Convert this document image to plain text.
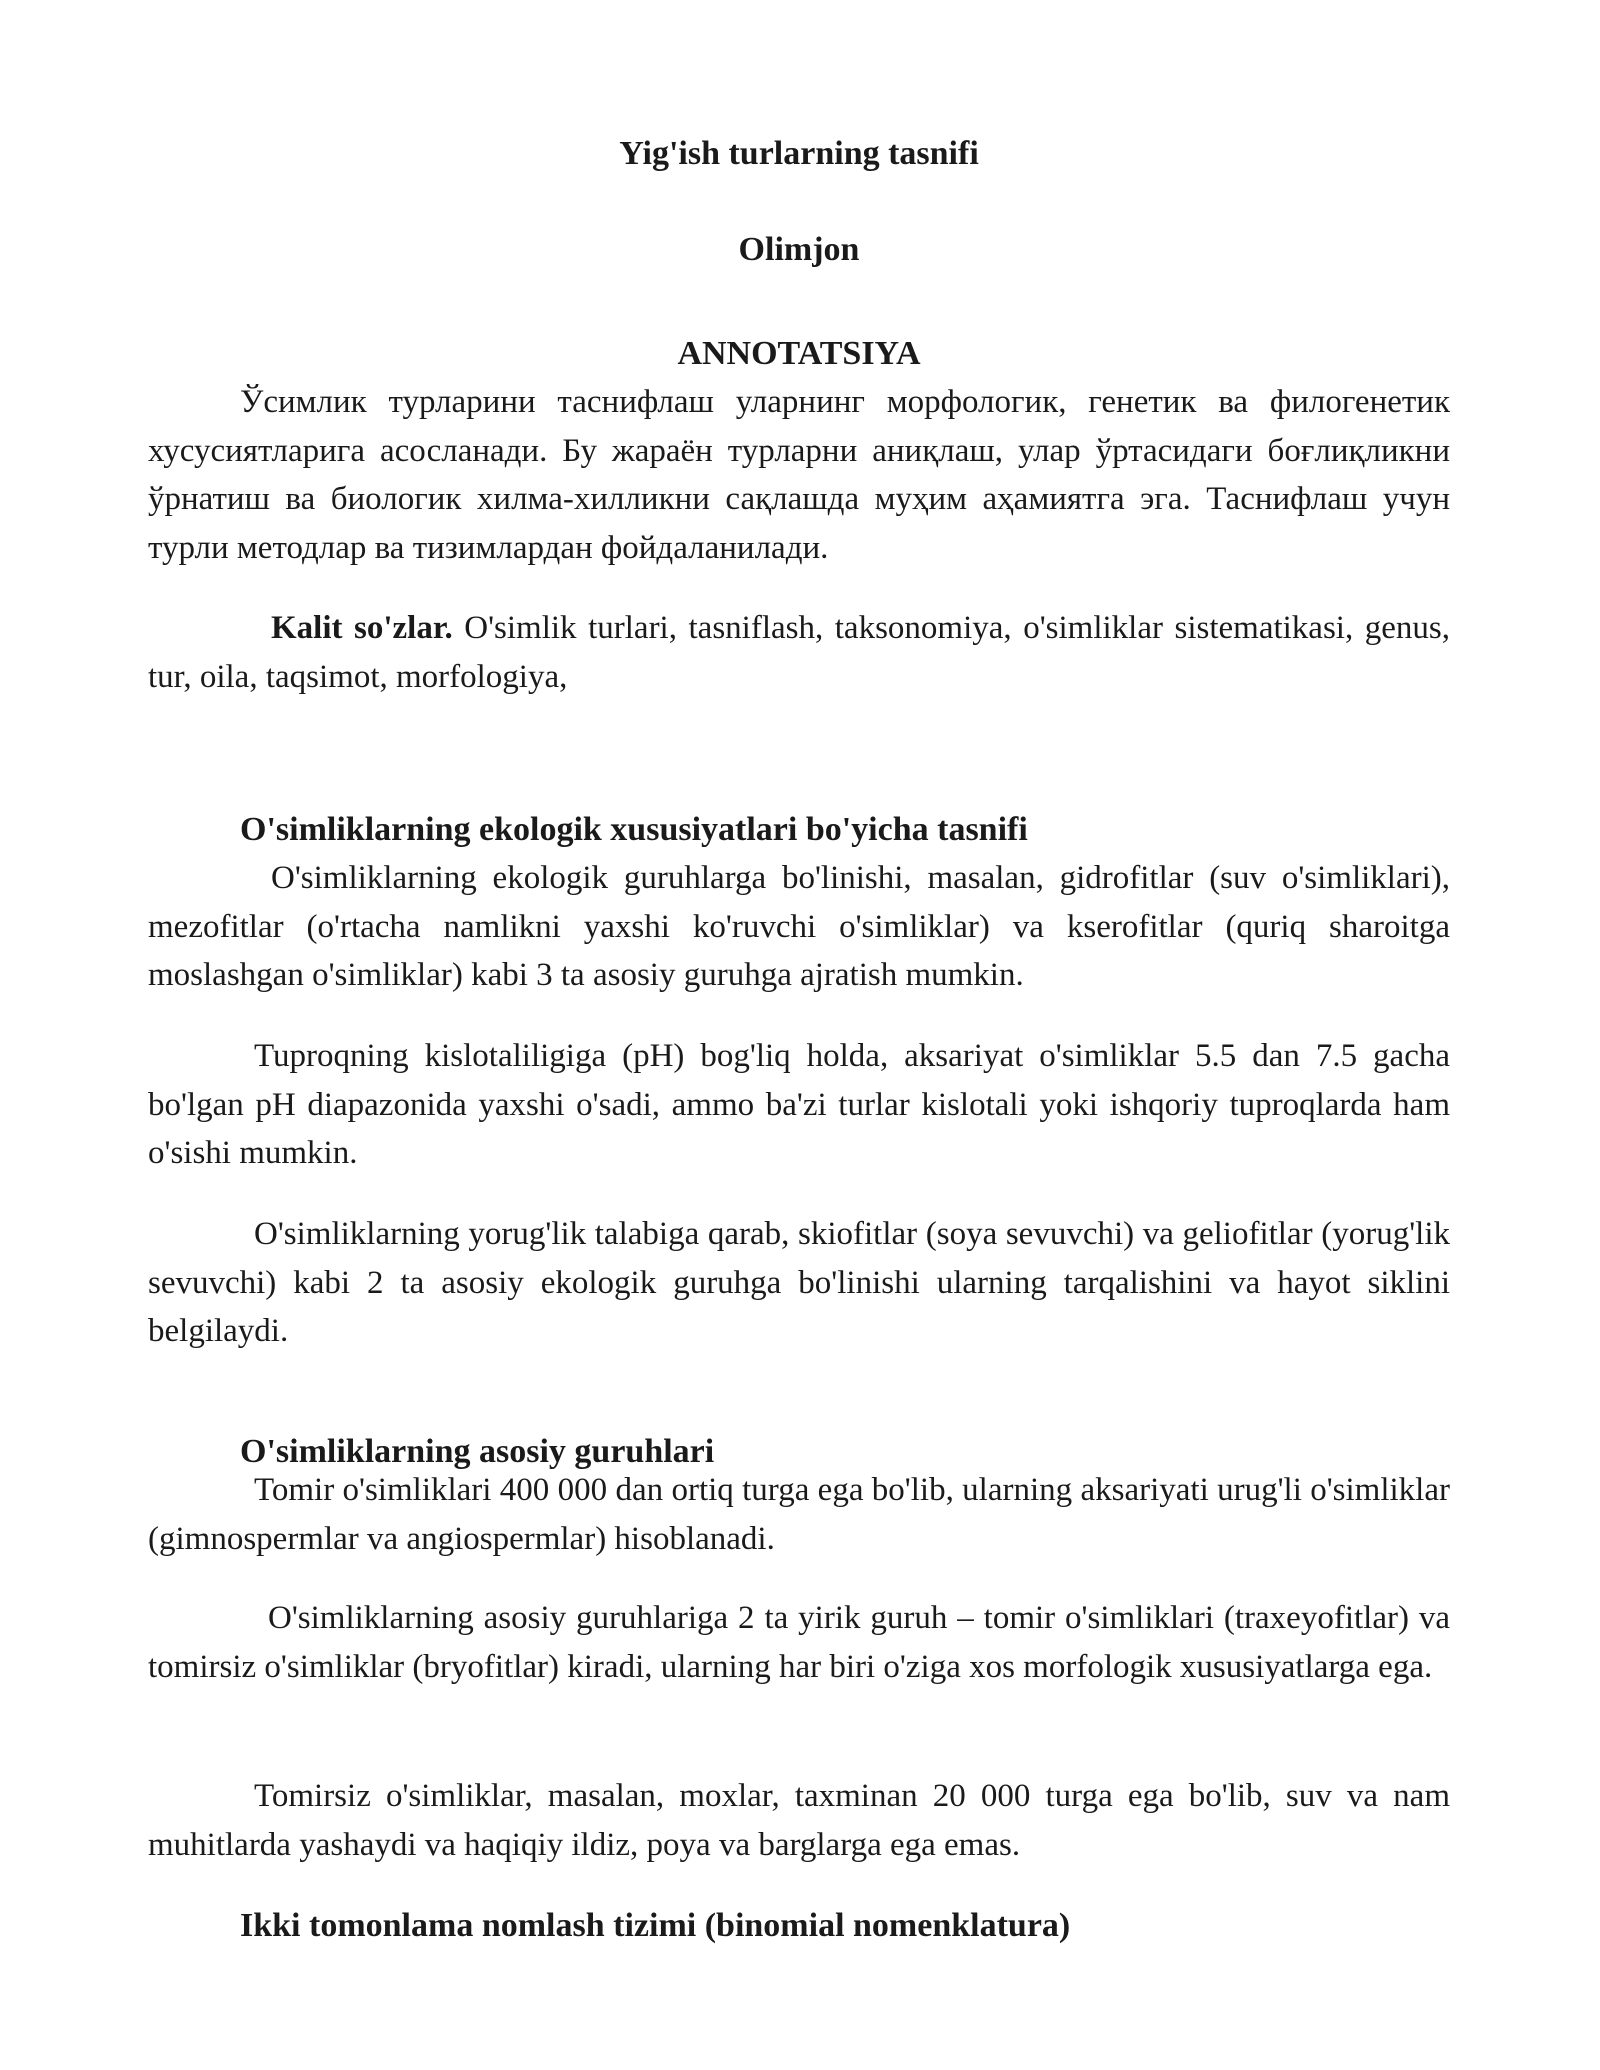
Yig'ish turlarning tasnifi
Olimjon
ANNOTATSIYA

Ўсимлик турларини таснифлаш уларнинг морфологик, генетик ва филогенетик хусусиятларига асосланади. Бу жараён турларни аниқлаш, улар ўртасидаги боғлиқликни ўрнатиш ва биологик хилма-хилликни сақлашда муҳим аҳамиятга эга. Таснифлаш учун турли методлар ва тизимлардан фойдаланилади.

Kalit so'zlar. O'simlik turlari, tasniflash, taksonomiya, o'simliklar sistematikasi, genus, tur, oila, taqsimot, morfologiya,

O'simliklarning ekologik xususiyatlari bo'yicha tasnifi

O'simliklarning ekologik guruhlarga bo'linishi, masalan, gidrofitlar (suv o'simliklari), mezofitlar (o'rtacha namlikni yaxshi ko'ruvchi o'simliklar) va kserofitlar (quriq sharoitga moslashgan o'simliklar) kabi 3 ta asosiy guruhga ajratish mumkin.

Tuproqning kislotaliligiga (pH) bog'liq holda, aksariyat o'simliklar 5.5 dan 7.5 gacha bo'lgan pH diapazonida yaxshi o'sadi, ammo ba'zi turlar kislotali yoki ishqoriy tuproqlarda ham o'sishi mumkin.

O'simliklarning yorug'lik talabiga qarab, skiofitlar (soya sevuvchi) va geliofitlar (yorug'lik sevuvchi) kabi 2 ta asosiy ekologik guruhga bo'linishi ularning tarqalishini va hayot siklini belgilaydi.

O'simliklarning asosiy guruhlari

Tomir o'simliklari 400 000 dan ortiq turga ega bo'lib, ularning aksariyati urug'li o'simliklar (gimnospermlar va angiospermlar) hisoblanadi.

O'simliklarning asosiy guruhlariga 2 ta yirik guruh – tomir o'simliklari (traxeyofitlar) va tomirsiz o'simliklar (bryofitlar) kiradi, ularning har biri o'ziga xos morfologik xususiyatlarga ega.

Tomirsiz o'simliklar, masalan, moxlar, taxminan 20 000 turga ega bo'lib, suv va nam muhitlarda yashaydi va haqiqiy ildiz, poya va barglarga ega emas.

Ikki tomonlama nomlash tizimi (binomial nomenklatura)
